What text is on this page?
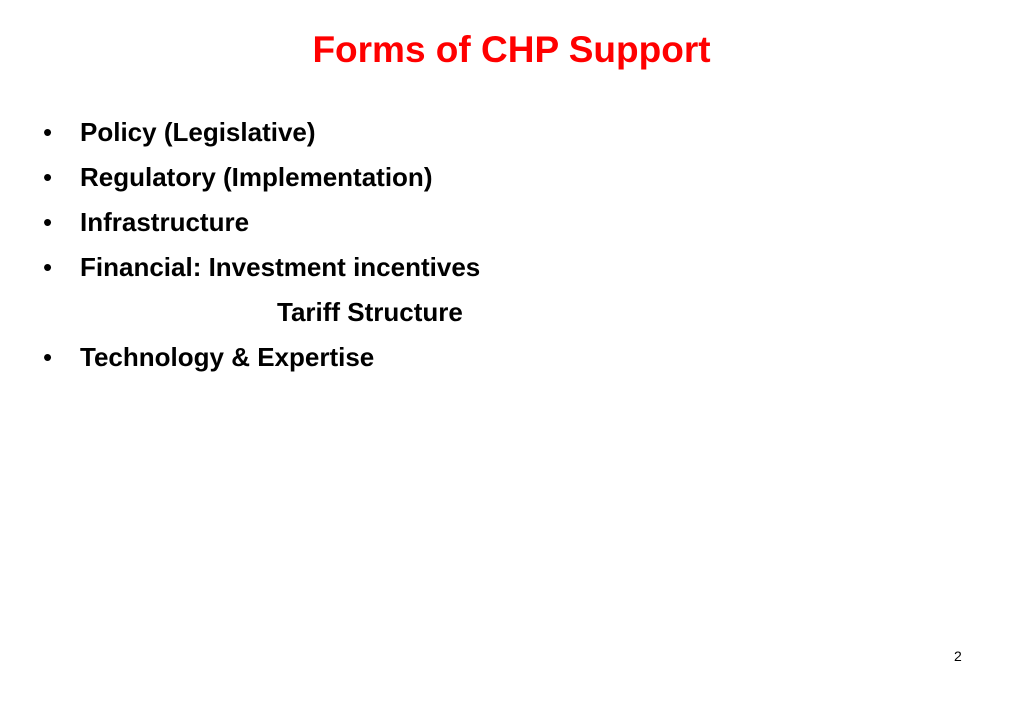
Forms of CHP Support
• Policy (Legislative)
• Regulatory (Implementation)
• Infrastructure
• Financial: Investment incentives
Tariff Structure
• Technology & Expertise
2
